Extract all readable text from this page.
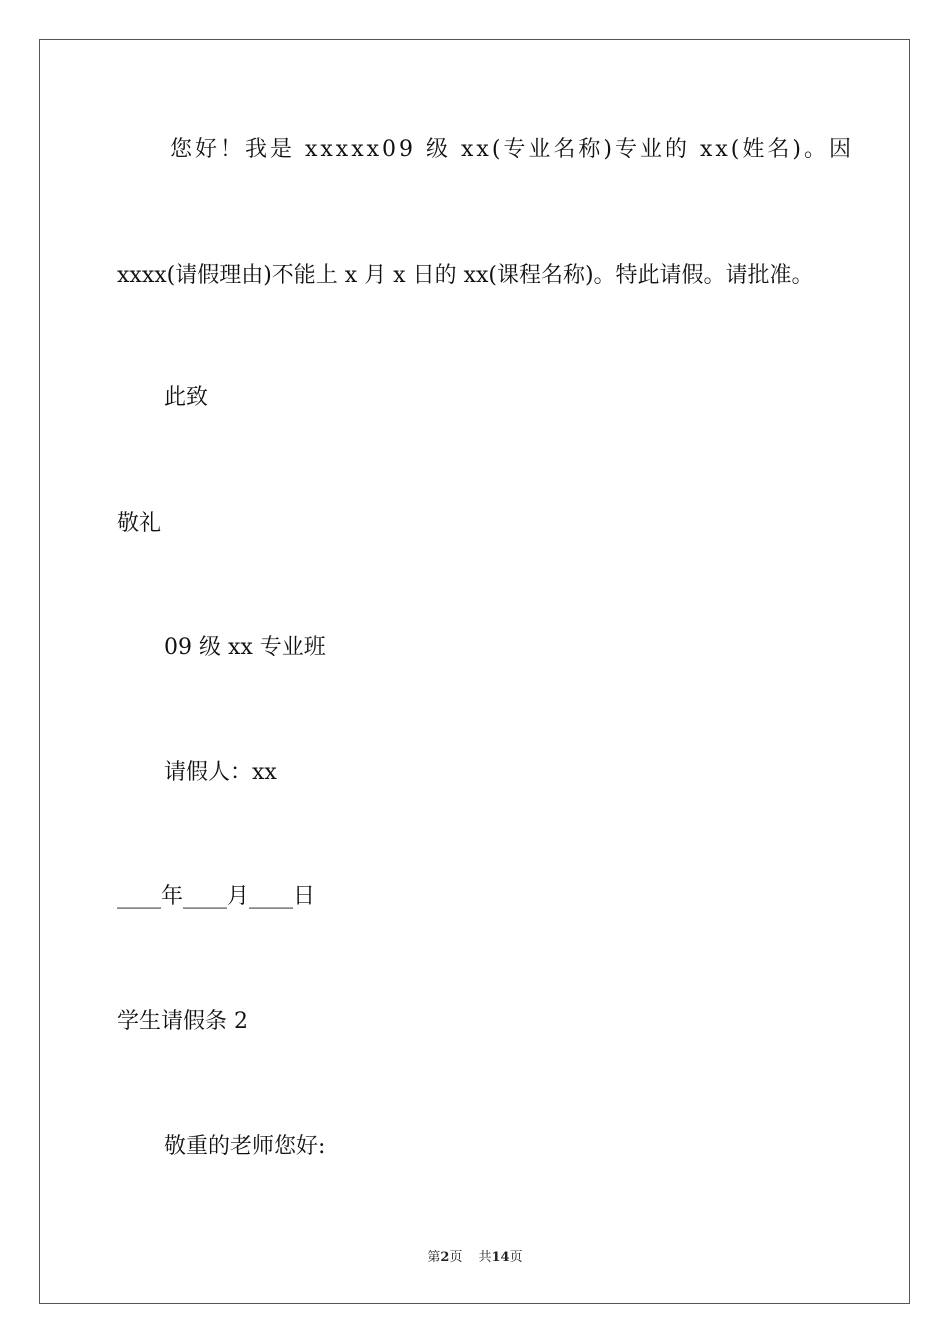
您好！我是 xxxxx09 级 xx(专业名称)专业的 xx(姓名)。因
xxxx(请假理由)不能上 x 月 x 日的 xx(课程名称)。特此请假。请批准。
此致
敬礼
09 级 xx 专业班
请假人：xx
____年____月____日
学生请假条 2
敬重的老师您好:
第2页 共14页
